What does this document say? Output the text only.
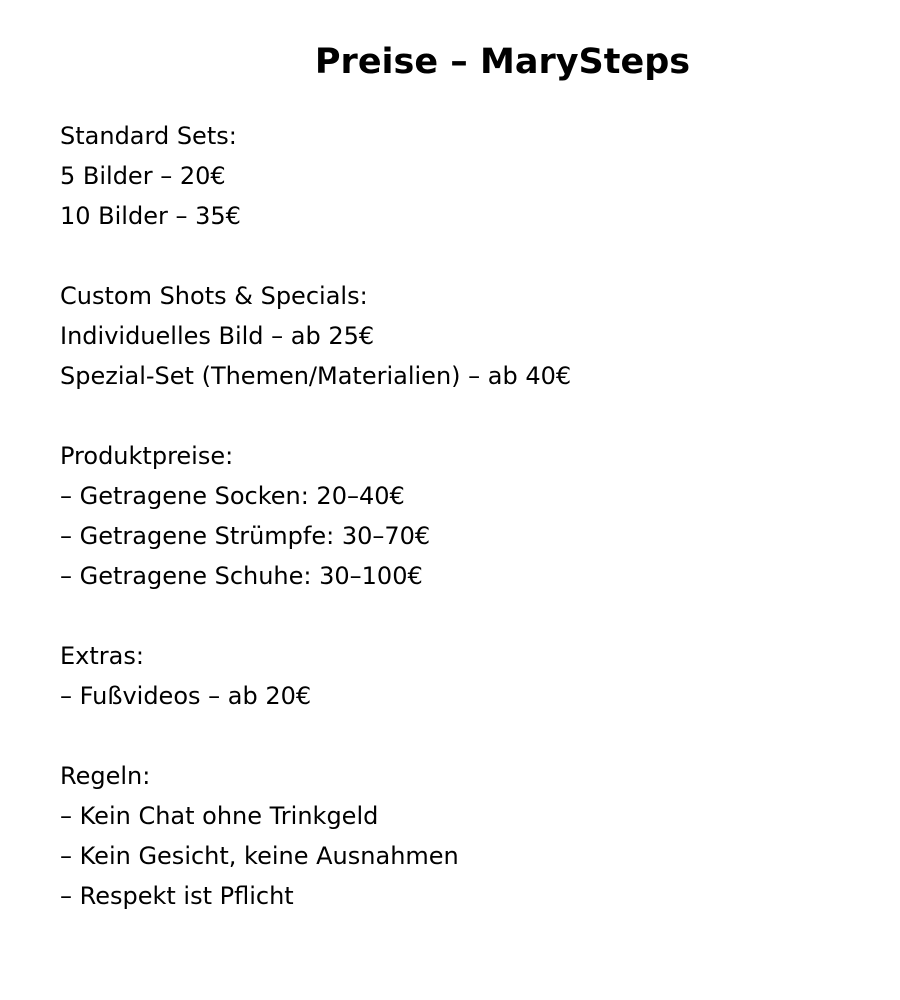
Preise – MarySteps
Standard Sets:
5 Bilder – 20€
10 Bilder – 35€
Custom Shots & Specials:
Individuelles Bild – ab 25€
Spezial-Set (Themen/Materialien) – ab 40€
Produktpreise:
– Getragene Socken: 20–40€
– Getragene Strümpfe: 30–70€
– Getragene Schuhe: 30–100€
Extras:
– Fußvideos – ab 20€
Regeln:
– Kein Chat ohne Trinkgeld
– Kein Gesicht, keine Ausnahmen
– Respekt ist Pflicht
